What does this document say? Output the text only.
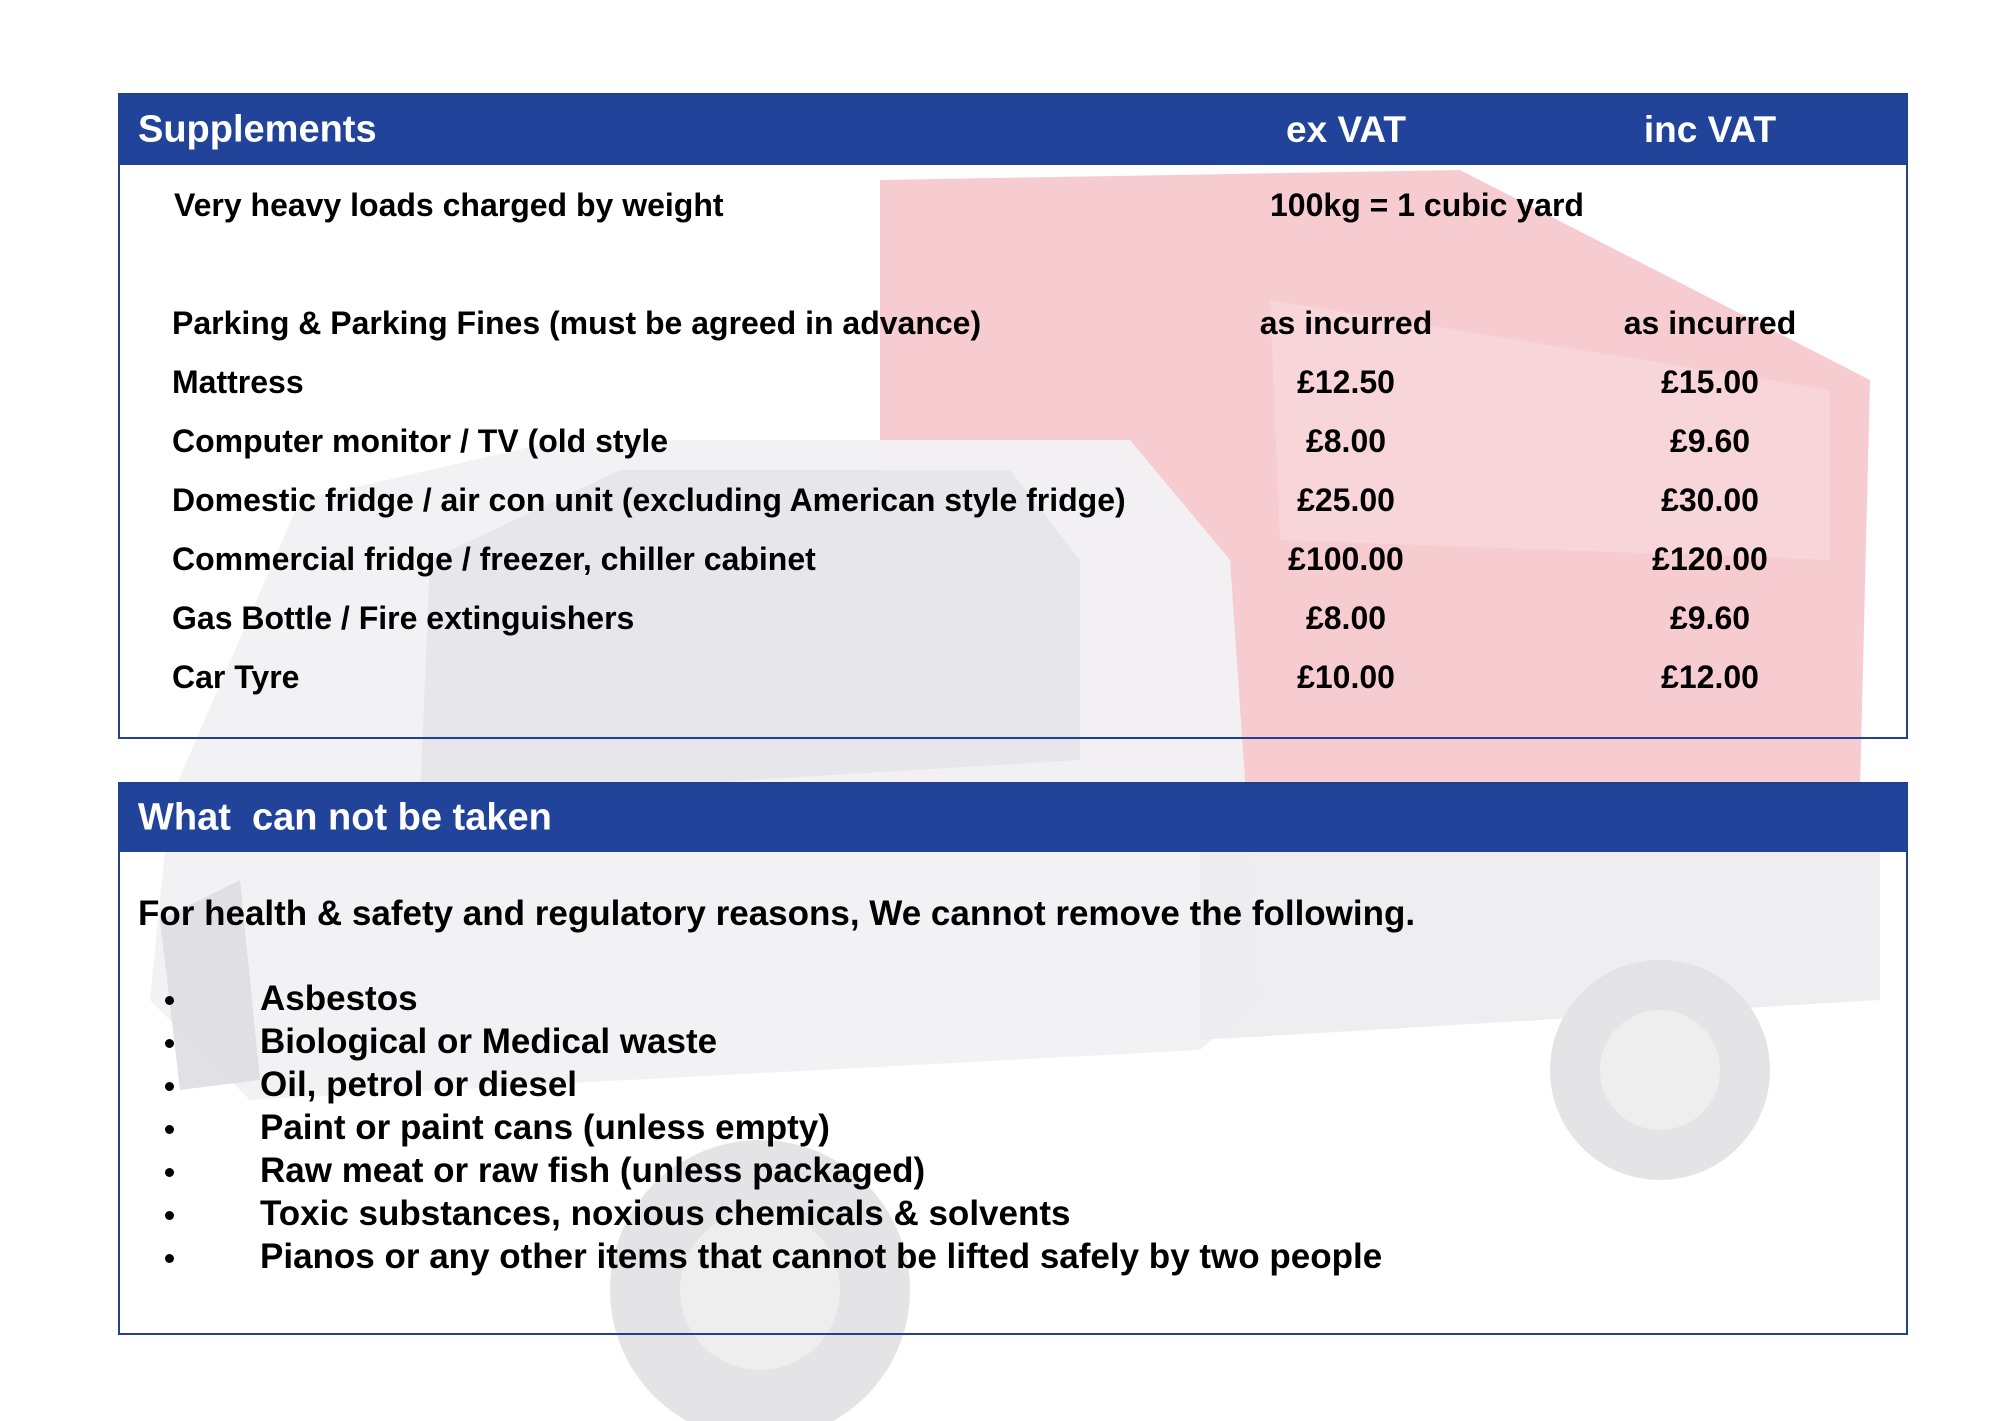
Supplements	ex VAT	inc VAT
Very heavy loads charged by weight	100kg = 1 cubic yard
Parking & Parking Fines (must be agreed in advance)	as incurred	as incurred
Mattress	£12.50	£15.00
Computer monitor / TV (old style	£8.00	£9.60
Domestic fridge / air con unit (excluding American style fridge)	£25.00	£30.00
Commercial fridge / freezer, chiller cabinet	£100.00	£120.00
Gas Bottle / Fire extinguishers	£8.00	£9.60
Car Tyre	£10.00	£12.00
What  can not be taken
For health & safety and regulatory reasons, We cannot remove the following.
Asbestos
Biological or Medical waste
Oil, petrol or diesel
Paint or paint cans (unless empty)
Raw meat or raw fish (unless packaged)
Toxic substances, noxious chemicals & solvents
Pianos or any other items that cannot be lifted safely by two people
